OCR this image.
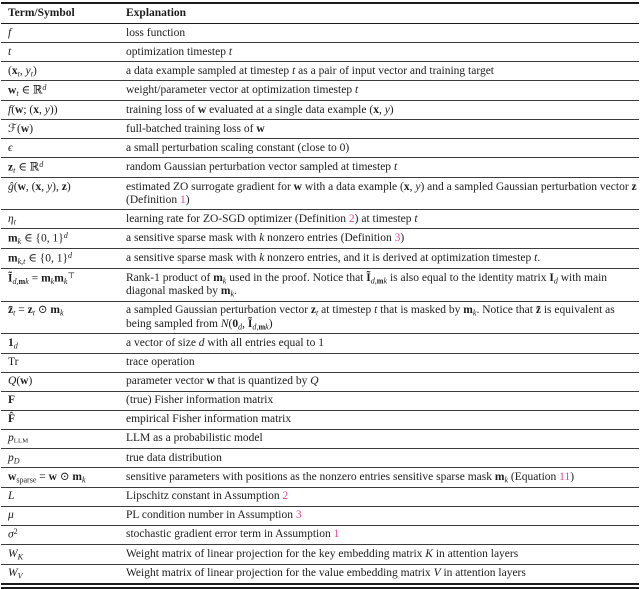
Term/Symbol	Explanation
f	loss function
t	optimization timestep t
(xt, yt)	a data example sampled at timestep t as a pair of input vector and training target
wt ∈ ℝ$^d$	weight/parameter vector at optimization timestep t
f(w; (x, y))	training loss of w evaluated at a single data example (x, y)
ℱ(w)	full-batched training loss of w
ϵ	a small perturbation scaling constant (close to 0)
zt ∈ ℝ$^d$	random Gaussian perturbation vector sampled at timestep t
ĝ(w, (x, y), z)	estimated ZO surrogate gradient for w with a data example (x, y) and a sampled Gaussian perturbation vector z (Definition 1)
ηt	learning rate for ZO-SGD optimizer (Definition 2) at timestep t
mk ∈ {0, 1}$^d$	a sensitive sparse mask with k nonzero entries (Definition 3)
mk,t ∈ {0, 1}$^d$	a sensitive sparse mask with k nonzero entries, and it is derived at optimization timestep t.
Ĩd,mk = mkmk⊤	Rank-1 product of mk used in the proof. Notice that Ĩd,mk is also equal to the identity matrix Id with main diagonal masked by mk.
z̄t = zt ⊙ mk	a sampled Gaussian perturbation vector zt at timestep t that is masked by mk. Notice that z̄ is equivalent as being sampled from N(0d, Ĩd,mk)
1d	a vector of size d with all entries equal to 1
Tr	trace operation
Q(w)	parameter vector w that is quantized by Q
F	(true) Fisher information matrix
F̂	empirical Fisher information matrix
pLLM	LLM as a probabilistic model
pD	true data distribution
wsparse = w ⊙ mk	sensitive parameters with positions as the nonzero entries sensitive sparse mask mk (Equation 11)
L	Lipschitz constant in Assumption 2
μ	PL condition number in Assumption 3
$\sigma^2$	stochastic gradient error term in Assumption 1
WK	Weight matrix of linear projection for the key embedding matrix K in attention layers
WV	Weight matrix of linear projection for the value embedding matrix V in attention layers
